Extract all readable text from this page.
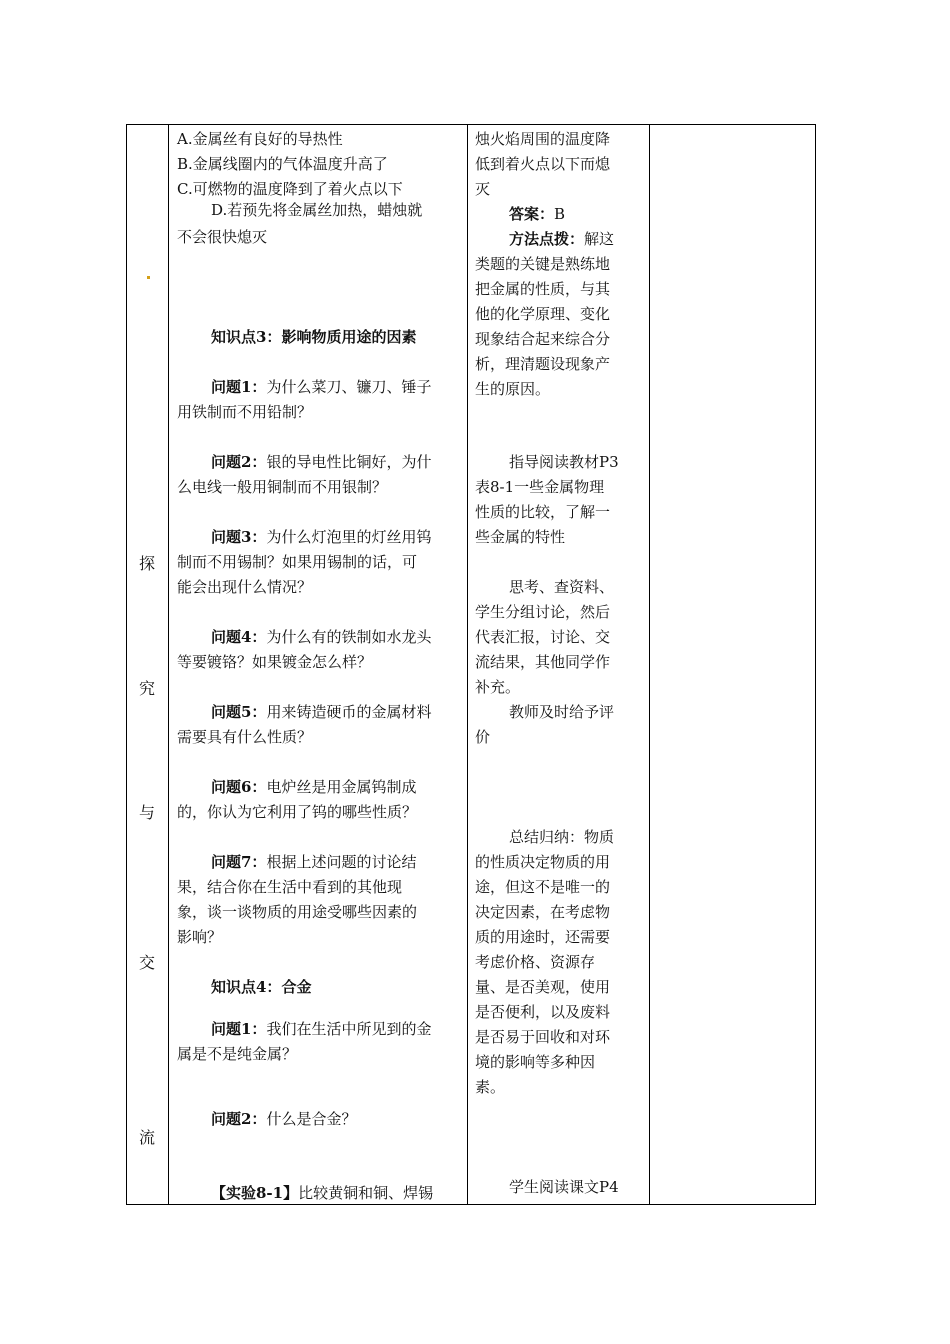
探
究
与
交
流
A.金属丝有良好的导热性
B.金属线圈内的气体温度升高了
C.可燃物的温度降到了着火点以下
D.若预先将金属丝加热，蜡烛就
不会很快熄灭
知识点3：影响物质用途的因素
问题1：为什么菜刀、镰刀、锤子
用铁制而不用铅制？
问题2：银的导电性比铜好，为什
么电线一般用铜制而不用银制？
问题3：为什么灯泡里的灯丝用钨
制而不用锡制？如果用锡制的话，可
能会出现什么情况？
问题4：为什么有的铁制如水龙头
等要镀铬？如果镀金怎么样？
问题5：用来铸造硬币的金属材料
需要具有什么性质？
问题6：电炉丝是用金属钨制成
的，你认为它利用了钨的哪些性质？
问题7：根据上述问题的讨论结
果，结合你在生活中看到的其他现
象，谈一谈物质的用途受哪些因素的
影响？
知识点4：合金
问题1：我们在生活中所见到的金
属是不是纯金属？
问题2：什么是合金？
【实验8-1】比较黄铜和铜、焊锡
烛火焰周围的温度降
低到着火点以下而熄
灭
答案：B
方法点拨：解这
类题的关键是熟练地
把金属的性质，与其
他的化学原理、变化
现象结合起来综合分
析，理清题设现象产
生的原因。
指导阅读教材P3
表8-1一些金属物理
性质的比较，了解一
些金属的特性
思考、查资料、
学生分组讨论，然后
代表汇报，讨论、交
流结果，其他同学作
补充。
教师及时给予评
价
总结归纳：物质
的性质决定物质的用
途，但这不是唯一的
决定因素，在考虑物
质的用途时，还需要
考虑价格、资源存
量、是否美观，使用
是否便利，以及废料
是否易于回收和对环
境的影响等多种因
素。
学生阅读课文P4
